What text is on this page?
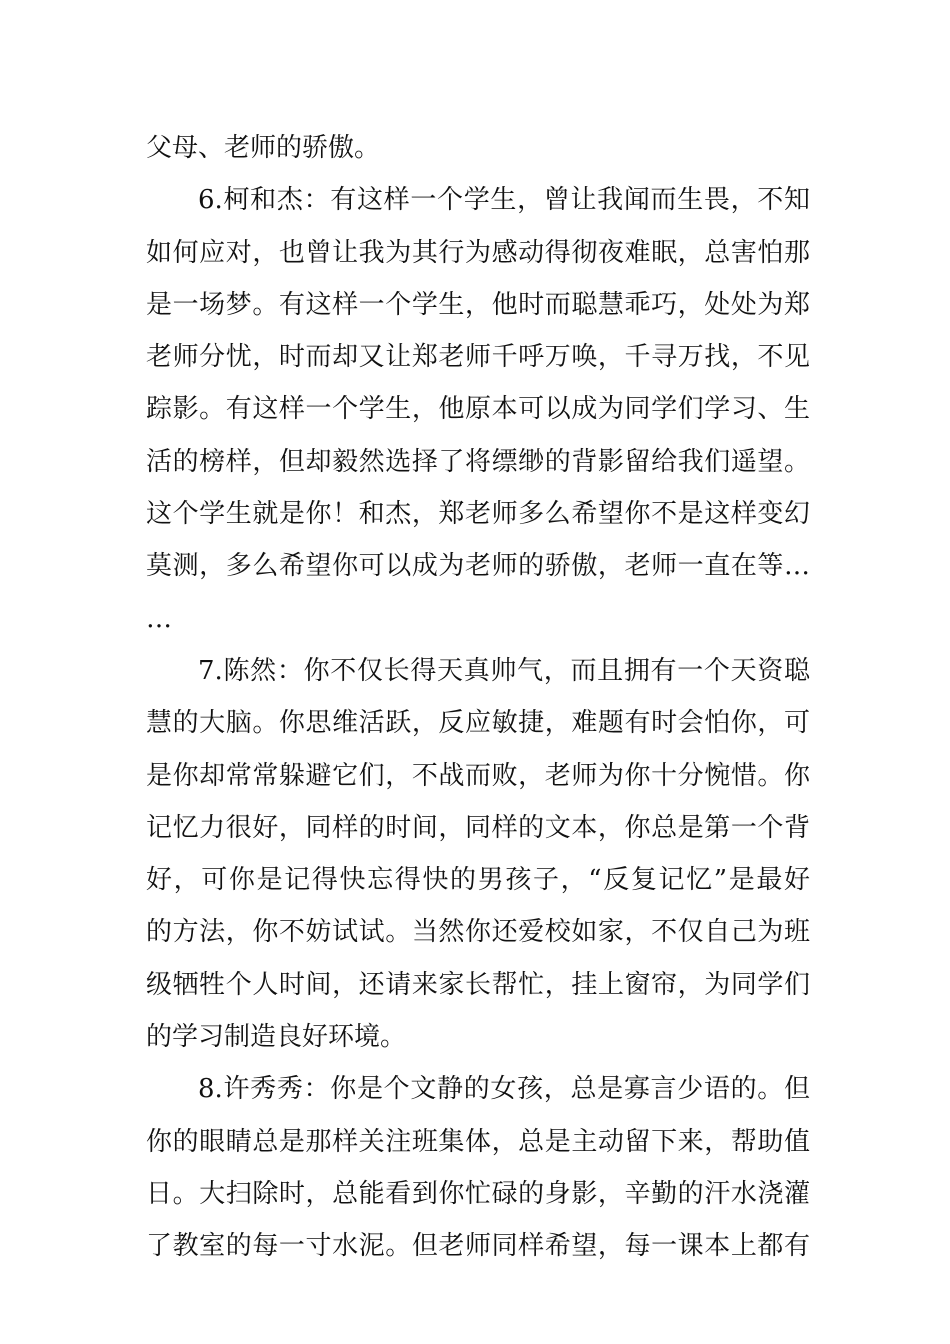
父母、老师的骄傲。
6.柯和杰：有这样一个学生，曾让我闻而生畏，不知
如何应对，也曾让我为其行为感动得彻夜难眠，总害怕那
是一场梦。有这样一个学生，他时而聪慧乖巧，处处为郑
老师分忧，时而却又让郑老师千呼万唤，千寻万找，不见
踪影。有这样一个学生，他原本可以成为同学们学习、生
活的榜样，但却毅然选择了将缥缈的背影留给我们遥望。
这个学生就是你！和杰，郑老师多么希望你不是这样变幻
莫测，多么希望你可以成为老师的骄傲，老师一直在等…
…
7.陈然：你不仅长得天真帅气，而且拥有一个天资聪
慧的大脑。你思维活跃，反应敏捷，难题有时会怕你，可
是你却常常躲避它们，不战而败，老师为你十分惋惜。你
记忆力很好，同样的时间，同样的文本，你总是第一个背
好，可你是记得快忘得快的男孩子，“反复记忆”是最好
的方法，你不妨试试。当然你还爱校如家，不仅自己为班
级牺牲个人时间，还请来家长帮忙，挂上窗帘，为同学们
的学习制造良好环境。
8.许秀秀：你是个文静的女孩，总是寡言少语的。但
你的眼睛总是那样关注班集体，总是主动留下来，帮助值
日。大扫除时，总能看到你忙碌的身影，辛勤的汗水浇灌
了教室的每一寸水泥。但老师同样希望，每一课本上都有
